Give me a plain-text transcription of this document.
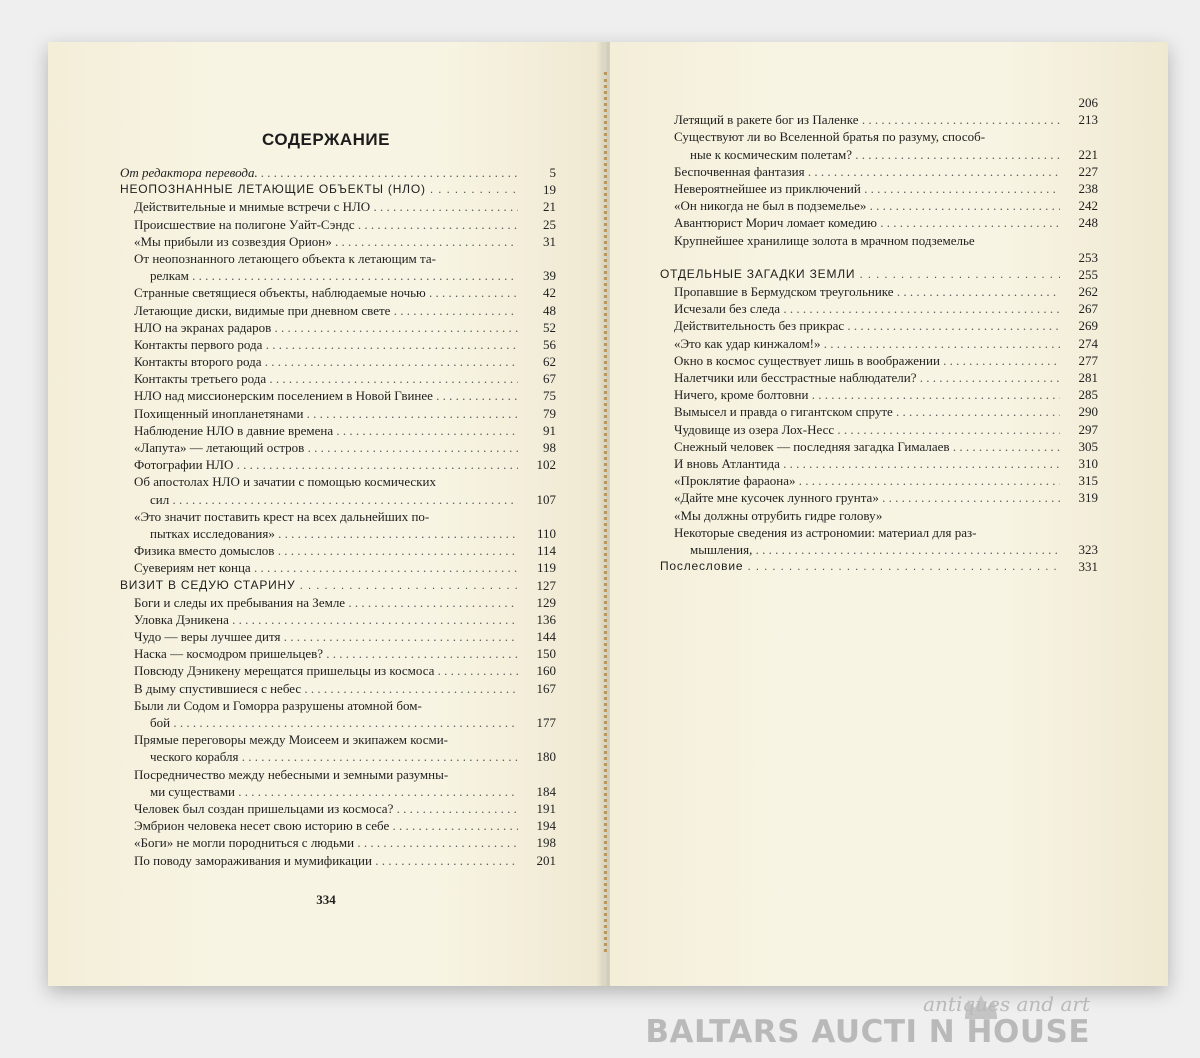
СОДЕРЖАНИЕ
От редактора перевода. . . .	5
НЕОПОЗНАННЫЕ ЛЕТАЮЩИЕ ОБЪЕКТЫ (НЛО) . . .	19
Действительные и мнимые встречи с НЛО . . .	21
Происшествие на полигоне Уайт-Сэндс . . .	25
«Мы прибыли из созвездия Орион» . . .	31
От неопознанного летающего объекта к летающим та-
релкам . . .	39
Странные светящиеся объекты, наблюдаемые ночью . . .	42
Летающие диски, видимые при дневном свете . . .	48
НЛО на экранах радаров . . .	52
Контакты первого рода . . .	56
Контакты второго рода . . .	62
Контакты третьего рода . . .	67
НЛО над миссионерским поселением в Новой Гвинее . . .	75
Похищенный инопланетянами . . .	79
Наблюдение НЛО в давние времена . . .	91
«Лапута» — летающий остров . . .	98
Фотографии НЛО . . .	102
Об апостолах НЛО и зачатии с помощью космических
сил . . .	107
«Это значит поставить крест на всех дальнейших по-
пытках исследования» . . .	110
Физика вместо домыслов . . .	114
Суевериям нет конца . . .	119
ВИЗИТ В СЕДУЮ СТАРИНУ . . .	127
Боги и следы их пребывания на Земле . . .	129
Уловка Дэникена . . .	136
Чудо — веры лучшее дитя . . .	144
Наска — космодром пришельцев? . . .	150
Повсюду Дэникену мерещатся пришельцы из космоса . . .	160
В дыму спустившиеся с небес . . .	167
Были ли Содом и Гоморра разрушены атомной бом-
бой . . .	177
Прямые переговоры между Моисеем и экипажем косми-
ческого корабля . . .	180
Посредничество между небесными и земными разумны-
ми существами . . .	184
Человек был создан пришельцами из космоса? . . .	191
Эмбрион человека несет свою историю в себе . . .	194
«Боги» не могли породниться с людьми . . .	198
По поводу замораживания и мумификации . . .	201
334
206
Летящий в ракете бог из Паленке . . .	213
Существуют ли во Вселенной братья по разуму, способ-
ные к космическим полетам? . . .	221
Беспочвенная фантазия . . .	227
Невероятнейшее из приключений . . .	238
«Он никогда не был в подземелье» . . .	242
Авантюрист Морич ломает комедию . . .	248
Крупнейшее хранилище золота в мрачном подземелье
253
ОТДЕЛЬНЫЕ ЗАГАДКИ ЗЕМЛИ . . .	255
Пропавшие в Бермудском треугольнике . . .	262
Исчезали без следа . . .	267
Действительность без прикрас . . .	269
«Это как удар кинжалом!» . . .	274
Окно в космос существует лишь в воображении . . .	277
Налетчики или бесстрастные наблюдатели? . . .	281
Ничего, кроме болтовни . . .	285
Вымысел и правда о гигантском спруте . . .	290
Чудовище из озера Лох-Несс . . .	297
Снежный человек — последняя загадка Гималаев . . .	305
И вновь Атлантида . . .	310
«Проклятие фараона» . . .	315
«Дайте мне кусочек лунного грунта» . . .	319
«Мы должны отрубить гидре голову»
Некоторые сведения из астрономии: материал для раз-
мышления, . . .	323
Послесловие . . .	331
antiques and art
BALTARS AUCTI N HOUSE
